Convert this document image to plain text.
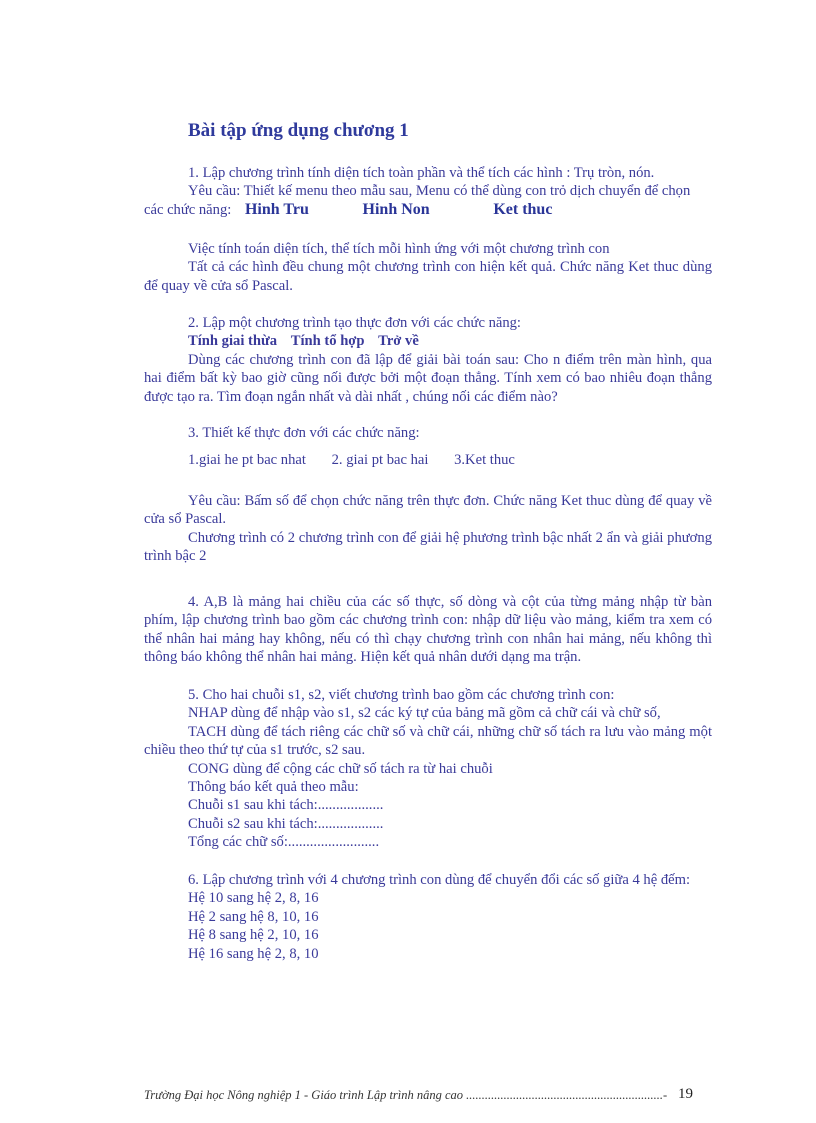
Bài tập ứng dụng chương 1

1. Lập chương trình tính diện tích toàn phần và thể tích các hình : Trụ tròn, nón.

Yêu cầu: Thiết kế menu theo mẫu sau, Menu có thể dùng con trỏ dịch chuyển để chọn

các chức năng: Hinh Tru	Hinh Non	Ket thuc

Việc tính toán diện tích, thể tích mỗi hình ứng với một chương trình con

Tất cả các hình đều chung một chương trình con hiện kết quả. Chức năng Ket thuc dùng để quay về cửa sổ Pascal.

2. Lập một chương trình tạo thực đơn với các chức năng:

Tính giai thừa Tính tổ hợp Trở về

Dùng các chương trình con đã lập để giải bài toán sau: Cho n điểm trên màn hình, qua hai điểm bất kỳ bao giờ cũng nối được bởi một đoạn thẳng. Tính xem có bao nhiêu đoạn thẳng được tạo ra. Tìm đoạn ngắn nhất và dài nhất , chúng nối các điểm nào?

3. Thiết kế thực đơn với các chức năng:

1.giai he pt bac nhat 2. giai pt bac hai 3.Ket thuc

Yêu cầu: Bấm số để chọn chức năng trên thực đơn. Chức năng Ket thuc dùng để quay về cửa sổ Pascal.

Chương trình có 2 chương trình con để giải hệ phương trình bậc nhất 2 ẩn và giải phương trình bậc 2

4. A,B là mảng hai chiều của các số thực, số dòng và cột của từng mảng nhập từ bàn phím, lập chương trình bao gồm các chương trình con: nhập dữ liệu vào mảng, kiểm tra xem có thể nhân hai mảng hay không, nếu có thì chạy chương trình con nhân hai mảng, nếu không thì thông báo không thể nhân hai mảng. Hiện kết quả nhân dưới dạng ma trận.

5. Cho hai chuỗi s1, s2, viết chương trình bao gồm các chương trình con:

NHAP dùng để nhập vào s1, s2 các ký tự của bảng mã gồm cả chữ cái và chữ số,

TACH dùng để tách riêng các chữ số và chữ cái, những chữ số tách ra lưu vào mảng một chiều theo thứ tự của s1 trước, s2 sau.

CONG dùng để cộng các chữ số tách ra từ hai chuỗi

Thông báo kết quả theo mẫu:

Chuỗi s1 sau khi tách:..................

Chuỗi s2 sau khi tách:..................

Tổng các chữ số:.........................

6. Lập chương trình với 4 chương trình con dùng để chuyển đổi các số giữa 4 hệ đếm:

Hệ 10 sang hệ 2, 8, 16

Hệ 2 sang hệ 8, 10, 16

Hệ 8 sang hệ 2, 10, 16

Hệ 16 sang hệ 2, 8, 10

Trường Đại học Nông nghiệp 1 - Giáo trình Lập trình nâng cao ...............................................................- 19
